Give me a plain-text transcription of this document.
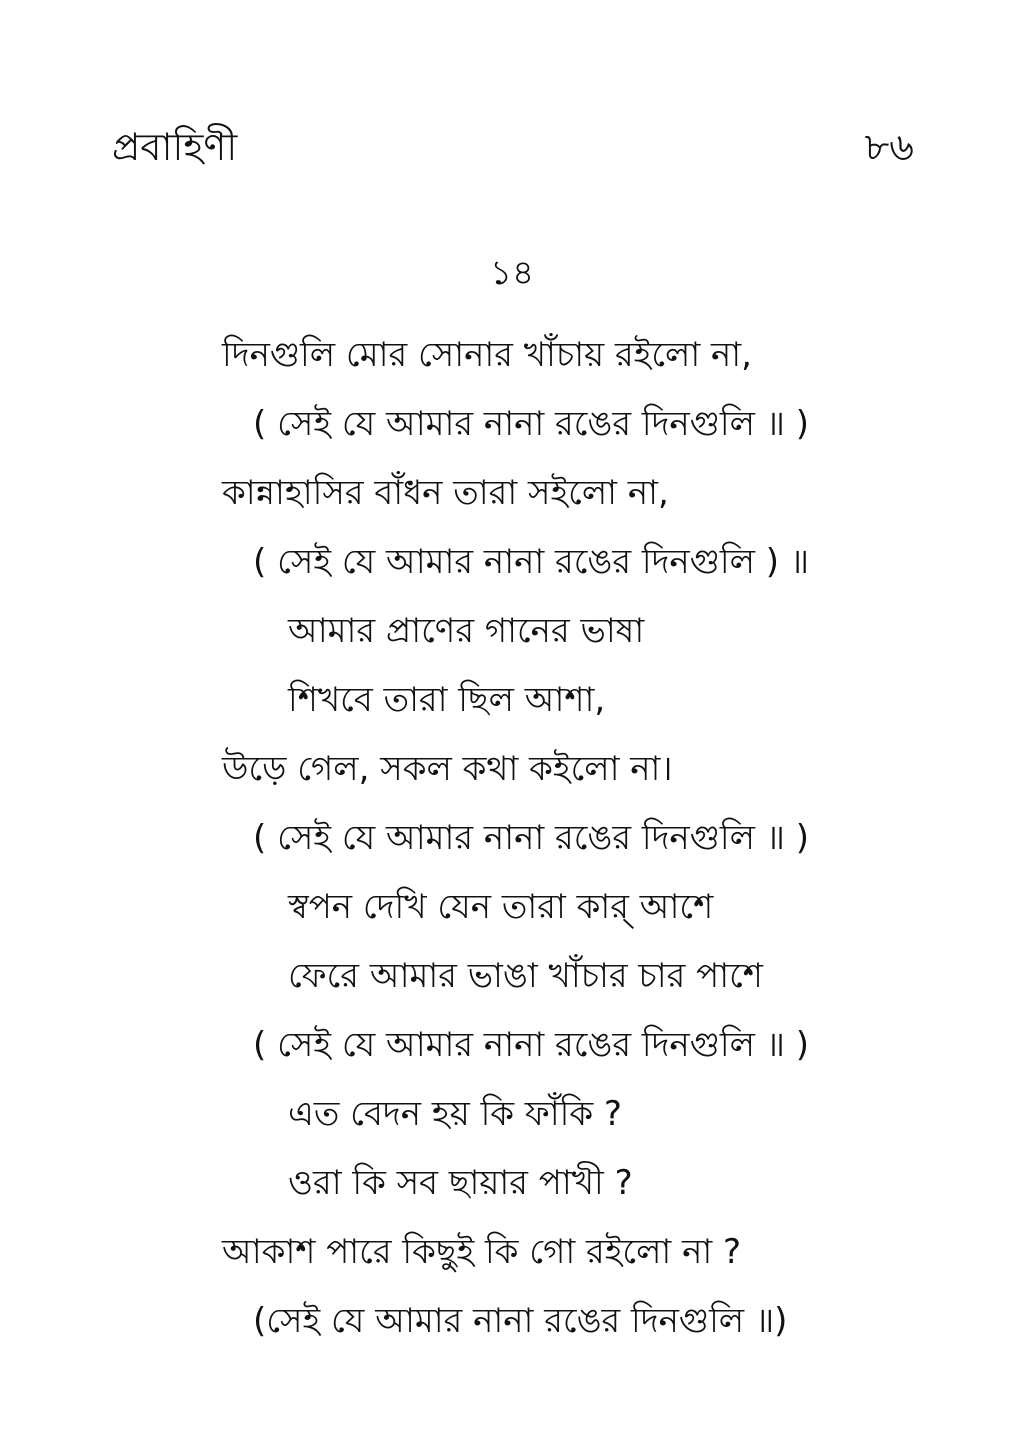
প্রবাহিণী	৮৬
১৪
দিনগুলি মোর সোনার খাঁচায় রইলো না,
( সেই যে আমার নানা রঙের দিনগুলি ॥ )
কান্নাহাসির বাঁধন তারা সইলো না,
( সেই যে আমার নানা রঙের দিনগুলি ) ॥
আমার প্রাণের গানের ভাষা
শিখবে তারা ছিল আশা,
উড়ে গেল, সকল কথা কইলো না।
( সেই যে আমার নানা রঙের দিনগুলি ॥ )
স্বপন দেখি যেন তারা কার্ আশে
ফেরে আমার ভাঙা খাঁচার চার পাশে
( সেই যে আমার নানা রঙের দিনগুলি ॥ )
এত বেদন হয় কি ফাঁকি ?
ওরা কি সব ছায়ার পাখী ?
আকাশ পারে কিছুই কি গো রইলো না ?
(সেই যে আমার নানা রঙের দিনগুলি ॥)
